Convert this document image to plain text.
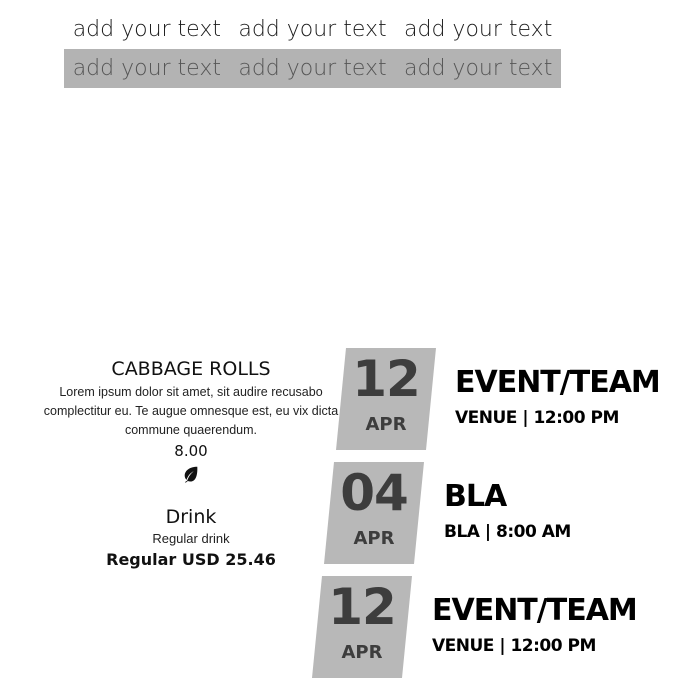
add your text add your text add your text
add your text add your text add your text
CABBAGE ROLLS
Lorem ipsum dolor sit amet, sit audire recusabo
complectitur eu. Te augue omnesque est, eu vix dicta
commune quaerendum.
8.00
Drink
Regular drink
Regular USD 25.46
12
APR
EVENT/TEAM
VENUE | 12:00 PM
04
APR
BLA
BLA | 8:00 AM
12
APR
EVENT/TEAM
VENUE | 12:00 PM
